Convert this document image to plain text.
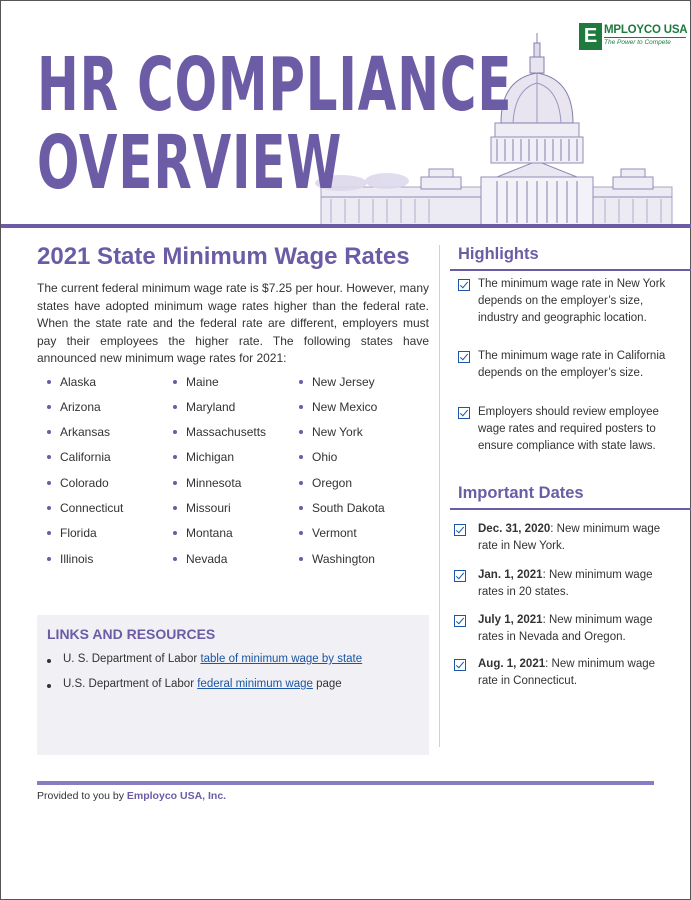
HR COMPLIANCE
OVERVIEW
E MPLOYCO USA
The Power to Compete
2021 State Minimum Wage Rates
The current federal minimum wage rate is $7.25 per hour. However, many states have adopted minimum wage rates higher than the federal rate. When the state rate and the federal rate are different, employers must pay their employees the higher rate. The following states have announced new minimum wage rates for 2021:
Alaska
Arizona
Arkansas
California
Colorado
Connecticut
Florida
Illinois
Maine
Maryland
Massachusetts
Michigan
Minnesota
Missouri
Montana
Nevada
New Jersey
New Mexico
New York
Ohio
Oregon
South Dakota
Vermont
Washington
LINKS AND RESOURCES
U. S. Department of Labor table of minimum wage by state
U.S. Department of Labor federal minimum wage page
Provided to you by Employco USA, Inc.
Highlights
The minimum wage rate in New York depends on the employer’s size, industry and geographic location.
The minimum wage rate in California depends on the employer’s size.
Employers should review employee wage rates and required posters to ensure compliance with state laws.
Important Dates
Dec. 31, 2020: New minimum wage rate in New York.
Jan. 1, 2021: New minimum wage rates in 20 states.
July 1, 2021: New minimum wage rates in Nevada and Oregon.
Aug. 1, 2021: New minimum wage rate in Connecticut.
